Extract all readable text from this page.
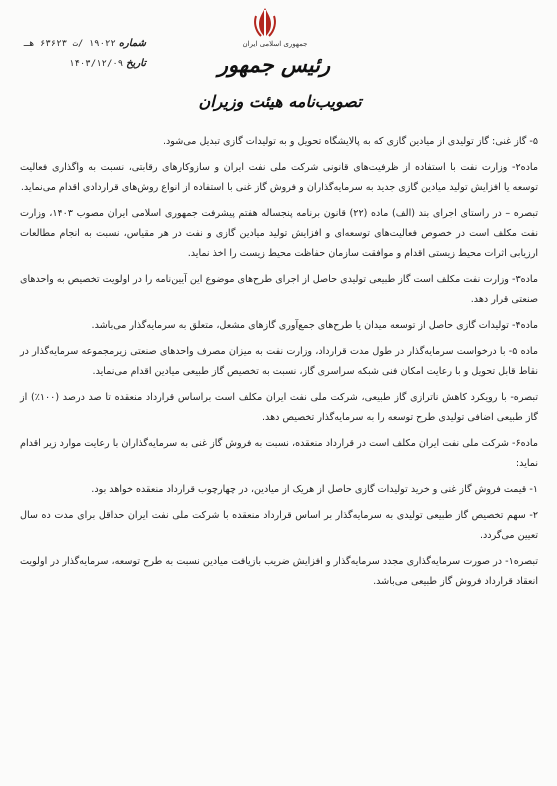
جمهوری اسلامی ایران
رئیس جمهور
تصویب‌نامه هیئت وزیران
شماره ۱۹۰۲۲ /ت ۶۳۶۲۳ هـ
تاریخ ۱۴۰۳/۱۲/۰۹

۵- گاز غنی: گاز تولیدی از میادین گازی که به پالایشگاه تحویل و به تولیدات گازی تبدیل می‌شود.

ماده۲- وزارت نفت با استفاده از ظرفیت‌های قانونی شرکت ملی نفت ایران و سازوکارهای رقابتی، نسبت به واگذاری فعالیت توسعه یا افزایش تولید میادین گازی جدید به سرمایه‌گذاران و فروش گاز غنی با استفاده از انواع روش‌های قراردادی اقدام می‌نماید.

تبصره – در راستای اجرای بند (الف) ماده (۲۲) قانون برنامه پنجساله هفتم پیشرفت جمهوری اسلامی ایران مصوب ۱۴۰۳، وزارت نفت مکلف است در خصوص فعالیت‌های توسعه‌ای و افزایش تولید میادین گازی و نفت در هر مقیاس، نسبت به انجام مطالعات ارزیابی اثرات محیط زیستی اقدام و موافقت سازمان حفاظت محیط زیست را اخذ نماید.

ماده۳- وزارت نفت مکلف است گاز طبیعی تولیدی حاصل از اجرای طرح‌های موضوع این آیین‌نامه را در اولویت تخصیص به واحدهای صنعتی قرار دهد.

ماده۴- تولیدات گازی حاصل از توسعه میدان یا طرح‌های جمع‌آوری گازهای مشعل، متعلق به سرمایه‌گذار می‌باشد.

ماده ۵- با درخواست سرمایه‌گذار در طول مدت قرارداد، وزارت نفت به میزان مصرف واحدهای صنعتی زیرمجموعه سرمایه‌گذار در نقاط قابل تحویل و با رعایت امکان فنی شبکه سراسری گاز، نسبت به تخصیص گاز طبیعی میادین اقدام می‌نماید.

تبصره- با رویکرد کاهش ناترازی گاز طبیعی، شرکت ملی نفت ایران مکلف است براساس قرارداد منعقده تا صد درصد (۱۰۰٪) از گاز طبیعی اضافی تولیدی طرح توسعه را به سرمایه‌گذار تخصیص دهد.

ماده۶- شرکت ملی نفت ایران مکلف است در قرارداد منعقده، نسبت به فروش گاز غنی به سرمایه‌گذاران با رعایت موارد زیر اقدام نماید:

۱- قیمت فروش گاز غنی و خرید تولیدات گازی حاصل از هریک از میادین، در چهارچوب قرارداد منعقده خواهد بود.

۲- سهم تخصیص گاز طبیعی تولیدی به سرمایه‌گذار بر اساس قرارداد منعقده با شرکت ملی نفت ایران حداقل برای مدت ده سال تعیین می‌گردد.

تبصره۱- در صورت سرمایه‌گذاری مجدد سرمایه‌گذار و افزایش ضریب بازیافت میادین نسبت به طرح توسعه، سرمایه‌گذار در اولویت انعقاد قرارداد فروش گاز طبیعی می‌باشد.
